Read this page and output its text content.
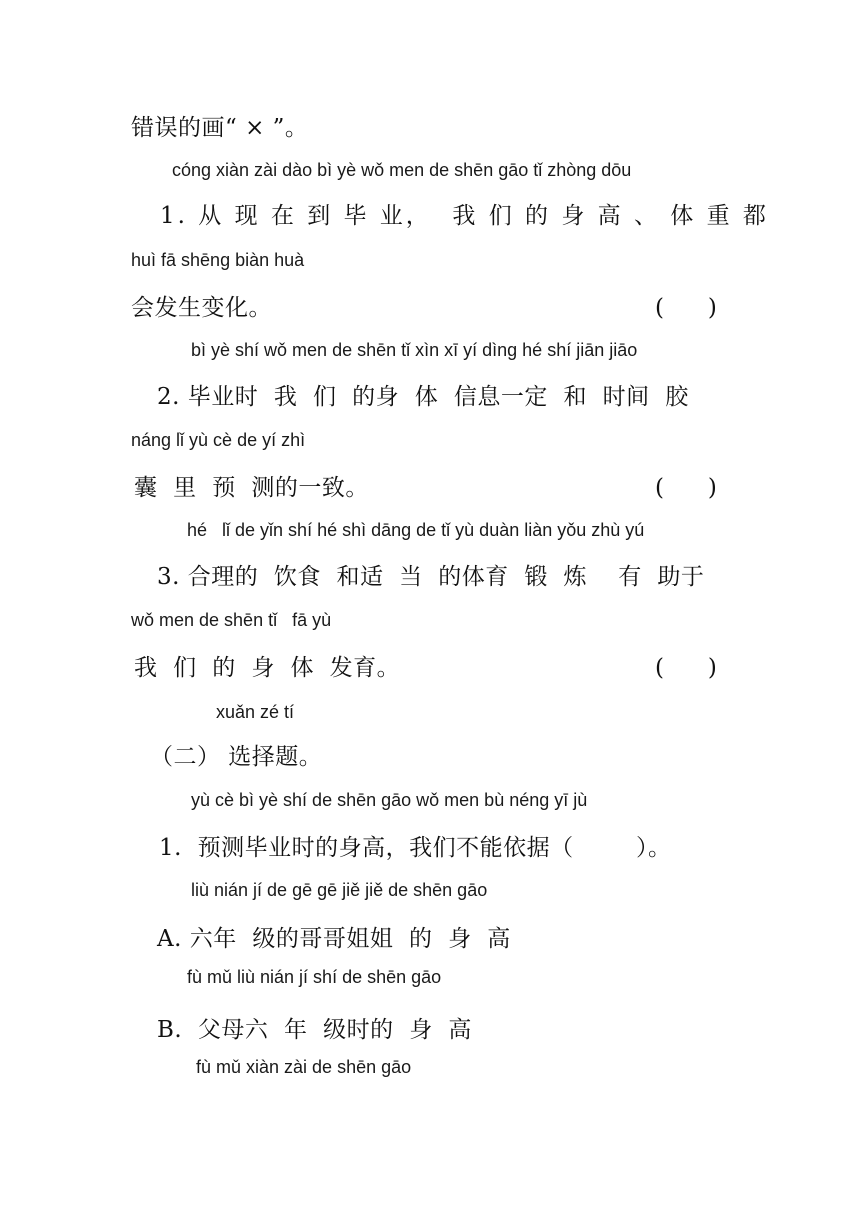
错误的画“ × ”。
cóng xiàn zài dào bì yè wǒ men de shēn gāo tǐ zhòng dōu
1. 从 现 在 到 毕 业，  我 们 的 身 高 、 体 重 都
huì fā shēng biàn huà
会发生变化。	(      )
bì yè shí wǒ men de shēn tǐ xìn xī yí dìng hé shí jiān jiāo
2. 毕业时  我  们  的身  体  信息一定  和  时间  胶
náng lǐ yù cè de yí zhì
囊  里  预  测的一致。	(      )
hé   lǐ de yǐn shí hé shì dāng de tǐ yù duàn liàn yǒu zhù yú
3. 合理的  饮食  和适  当  的体育  锻  炼    有  助于
wǒ men de shēn tǐ   fā yù
我  们  的  身  体  发育。	(      )
xuǎn zé tí
（二） 选择题。
yù cè bì yè shí de shēn gāo wǒ men bù néng yī jù
1.  预测毕业时的身高，我们不能依据（        ）。
liù nián jí de gē gē jiě jiě de shēn gāo
A. 六年  级的哥哥姐姐  的  身  高
fù mǔ liù nián jí shí de shēn gāo
B.  父母六  年  级时的  身  高
fù mǔ xiàn zài de shēn gāo
